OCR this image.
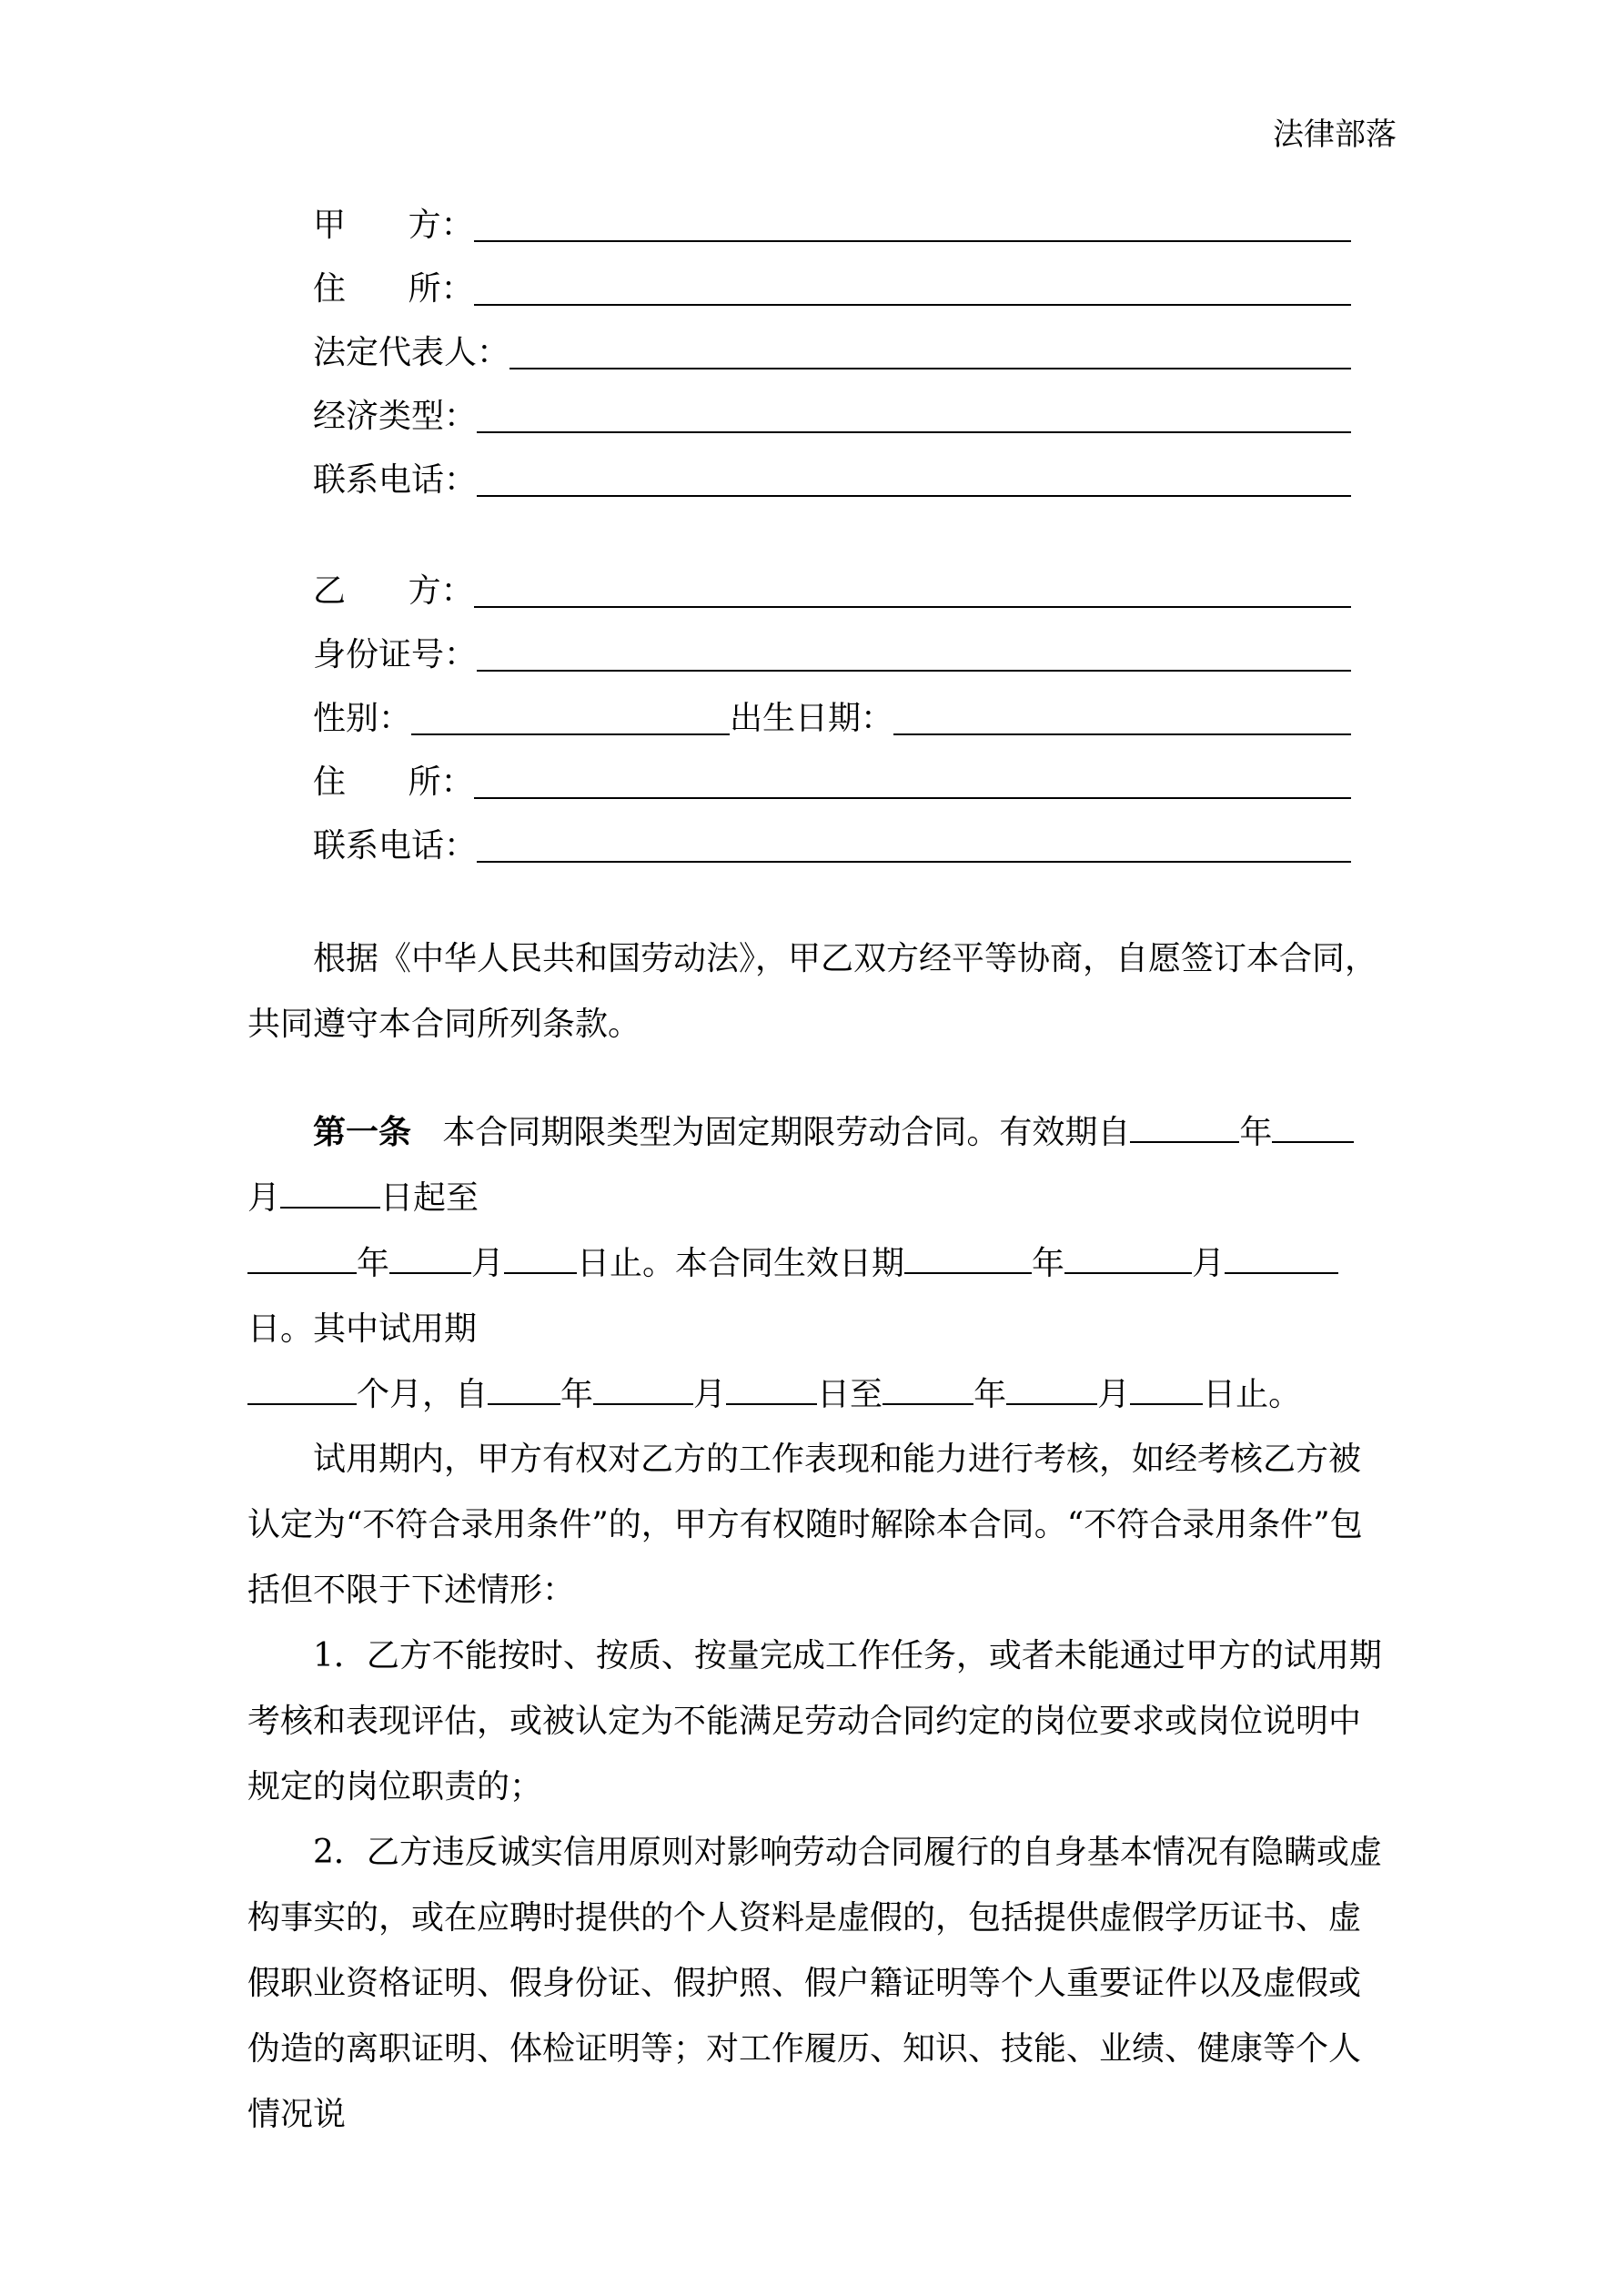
法律部落
甲      方：
住      所：
法定代表人：
经济类型：
联系电话：
乙      方：
身份证号：
性别：	出生日期：
住      所：
联系电话：
根据《中华人民共和国劳动法》，甲乙双方经平等协商，自愿签订本合同，
共同遵守本合同所列条款。
第一条 本合同期限类型为固定期限劳动合同。有效期自	年
月	日起至
年	月 日止。本合同生效日期	年	月
日。其中试用期
个月，自 年	月	日至	年	月 日止。
试用期内，甲方有权对乙方的工作表现和能力进行考核，如经考核乙方被认定为“不符合录用条件”的，甲方有权随时解除本合同。“不符合录用条件”包括但不限于下述情形：
1．乙方不能按时、按质、按量完成工作任务，或者未能通过甲方的试用期考核和表现评估，或被认定为不能满足劳动合同约定的岗位要求或岗位说明中规定的岗位职责的；
2．乙方违反诚实信用原则对影响劳动合同履行的自身基本情况有隐瞒或虚构事实的，或在应聘时提供的个人资料是虚假的，包括提供虚假学历证书、虚假职业资格证明、假身份证、假护照、假户籍证明等个人重要证件以及虚假或伪造的离职证明、体检证明等；对工作履历、知识、技能、业绩、健康等个人情况说
